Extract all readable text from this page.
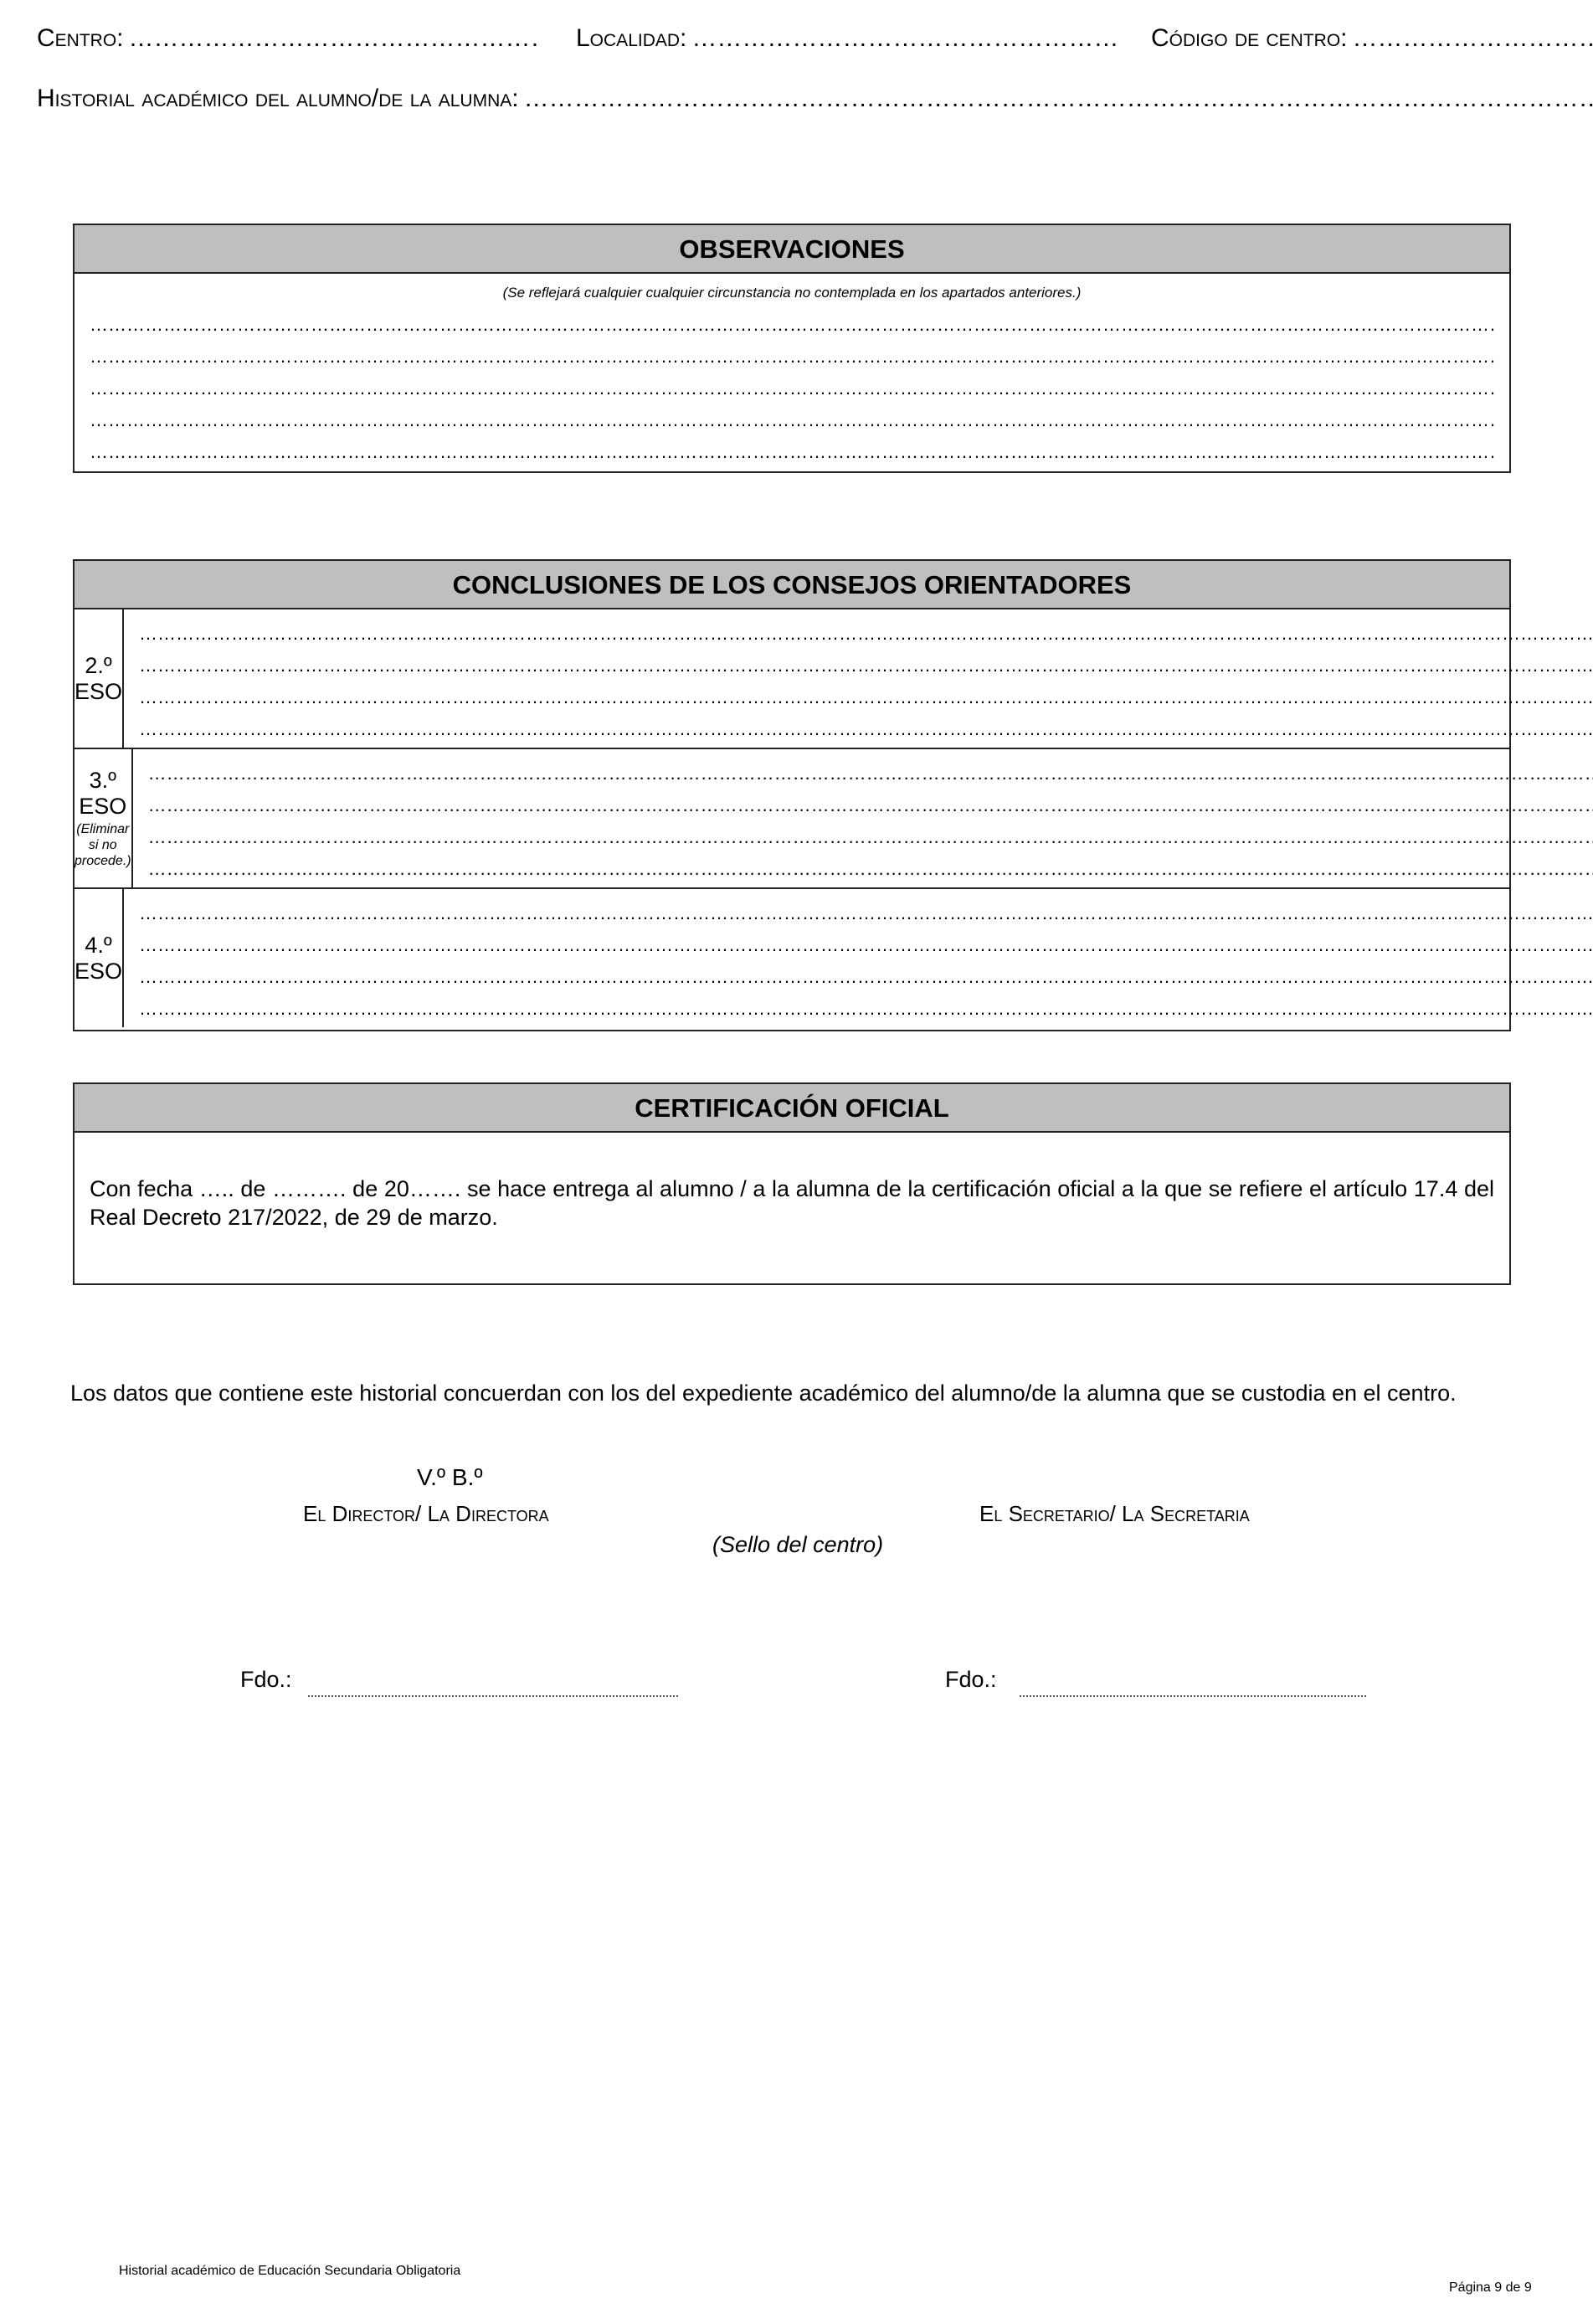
Centro: …………………………………………………………………………………………………………………………………………………………………………………………………………………………………………………………………………………………………………………………………………………………………………	Localidad: …………………………………………………………………………………………………………………………………………………………………………………………………………………………………………………………………………………………………………………………………………………………………………	Código de centro:
…………………………………………………………………………………………………………………………………………………………………………………………………………………………………………………………………………………………………………………………………………………………………………
Historial académico del alumno/de la alumna:
…………………………………………………………………………………………………………………………………………………………………………………………………………………………………………………………………………………………………………………………………………………………………………
OBSERVACIONES
(Se reflejará cualquier cualquier circunstancia no contemplada en los apartados anteriores.)
…………………………………………………………………………………………………………………………………………………………………………………………………………………………………………………………………………………………………………………………………………………………………………
…………………………………………………………………………………………………………………………………………………………………………………………………………………………………………………………………………………………………………………………………………………………………………
…………………………………………………………………………………………………………………………………………………………………………………………………………………………………………………………………………………………………………………………………………………………………………
…………………………………………………………………………………………………………………………………………………………………………………………………………………………………………………………………………………………………………………………………………………………………………
…………………………………………………………………………………………………………………………………………………………………………………………………………………………………………………………………………………………………………………………………………………………………………
CONCLUSIONES DE LOS CONSEJOS ORIENTADORES
2.º ESO
…………………………………………………………………………………………………………………………………………………………………………………………………………………………………………………………………………………………………………………………………………………………………………
…………………………………………………………………………………………………………………………………………………………………………………………………………………………………………………………………………………………………………………………………………………………………………
…………………………………………………………………………………………………………………………………………………………………………………………………………………………………………………………………………………………………………………………………………………………………………
…………………………………………………………………………………………………………………………………………………………………………………………………………………………………………………………………………………………………………………………………………………………………………
3.º ESO
(Eliminar si no procede.)
…………………………………………………………………………………………………………………………………………………………………………………………………………………………………………………………………………………………………………………………………………………………………………
…………………………………………………………………………………………………………………………………………………………………………………………………………………………………………………………………………………………………………………………………………………………………………
…………………………………………………………………………………………………………………………………………………………………………………………………………………………………………………………………………………………………………………………………………………………………………
…………………………………………………………………………………………………………………………………………………………………………………………………………………………………………………………………………………………………………………………………………………………………………
4.º ESO
…………………………………………………………………………………………………………………………………………………………………………………………………………………………………………………………………………………………………………………………………………………………………………
…………………………………………………………………………………………………………………………………………………………………………………………………………………………………………………………………………………………………………………………………………………………………………
…………………………………………………………………………………………………………………………………………………………………………………………………………………………………………………………………………………………………………………………………………………………………………
…………………………………………………………………………………………………………………………………………………………………………………………………………………………………………………………………………………………………………………………………………………………………………
CERTIFICACIÓN OFICIAL
Con fecha ….. de ………. de 20……. se hace entrega al alumno / a la alumna de la certificación oficial a la que se refiere el artículo 17.4 del Real Decreto 217/2022, de 29 de marzo.
Los datos que contiene este historial concuerdan con los del expediente académico del alumno/de la alumna que se custodia en el centro.
V.º B.º
El Director/ La Directora	El Secretario/ La Secretaria
(Sello del centro)
Fdo.:	Fdo.:
Historial académico de Educación Secundaria Obligatoria
Página 9 de 9
